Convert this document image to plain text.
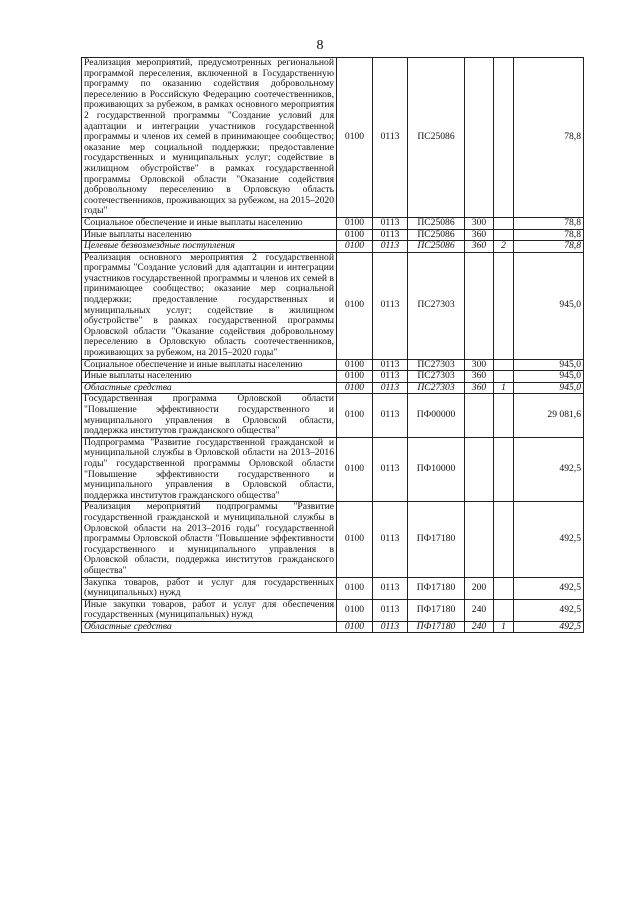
8
Реализация мероприятий, предусмотренных региональной программой переселения, включенной в Государственную программу по оказанию содействия добровольному переселению в Российскую Федерацию соотечественников, проживающих за рубежом, в рамках основного мероприятия 2 государственной программы "Создание условий для адаптации и интеграции участников государственной программы и членов их семей в принимающее сообщество; оказание мер социальной поддержки; предоставление государственных и муниципальных услуг; содействие в жилищном обустройстве" в рамках государственной программы Орловской области "Оказание содействия добровольному переселению в Орловскую область соотечественников, проживающих за рубежом, на 2015–2020 годы"	0100	0113	ПС25086			78,8
Социальное обеспечение и иные выплаты населению	0100	0113	ПС25086	300		78,8
Иные выплаты населению	0100	0113	ПС25086	360		78,8
Целевые безвозмездные поступления	0100	0113	ПС25086	360	2	78,8
Реализация основного мероприятия 2 государственной программы "Создание условий для адаптации и интеграции участников государственной программы и членов их семей в принимающее сообщество; оказание мер социальной поддержки; предоставление государственных и муниципальных услуг; содействие в жилищном обустройстве" в рамках государственной программы Орловской области "Оказание содействия добровольному переселению в Орловскую область соотечественников, проживающих за рубежом, на 2015–2020 годы"	0100	0113	ПС27303			945,0
Социальное обеспечение и иные выплаты населению	0100	0113	ПС27303	300		945,0
Иные выплаты населению	0100	0113	ПС27303	360		945,0
Областные средства	0100	0113	ПС27303	360	1	945,0
Государственная программа Орловской области "Повышение эффективности государственного и муниципального управления в Орловской области, поддержка институтов гражданского общества"	0100	0113	ПФ00000			29 081,6
Подпрограмма "Развитие государственной гражданской и муниципальной службы в Орловской области на 2013–2016 годы" государственной программы Орловской области "Повышение эффективности государственного и муниципального управления в Орловской области, поддержка институтов гражданского общества"	0100	0113	ПФ10000			492,5
Реализация мероприятий подпрограммы "Развитие государственной гражданской и муниципальной службы в Орловской области на 2013–2016 годы" государственной программы Орловской области "Повышение эффективности государственного и муниципального управления в Орловской области, поддержка институтов гражданского общества"	0100	0113	ПФ17180			492,5
Закупка товаров, работ и услуг для государственных (муниципальных) нужд	0100	0113	ПФ17180	200		492,5
Иные закупки товаров, работ и услуг для обеспечения государственных (муниципальных) нужд	0100	0113	ПФ17180	240		492,5
Областные средства	0100	0113	ПФ17180	240	1	492,5
